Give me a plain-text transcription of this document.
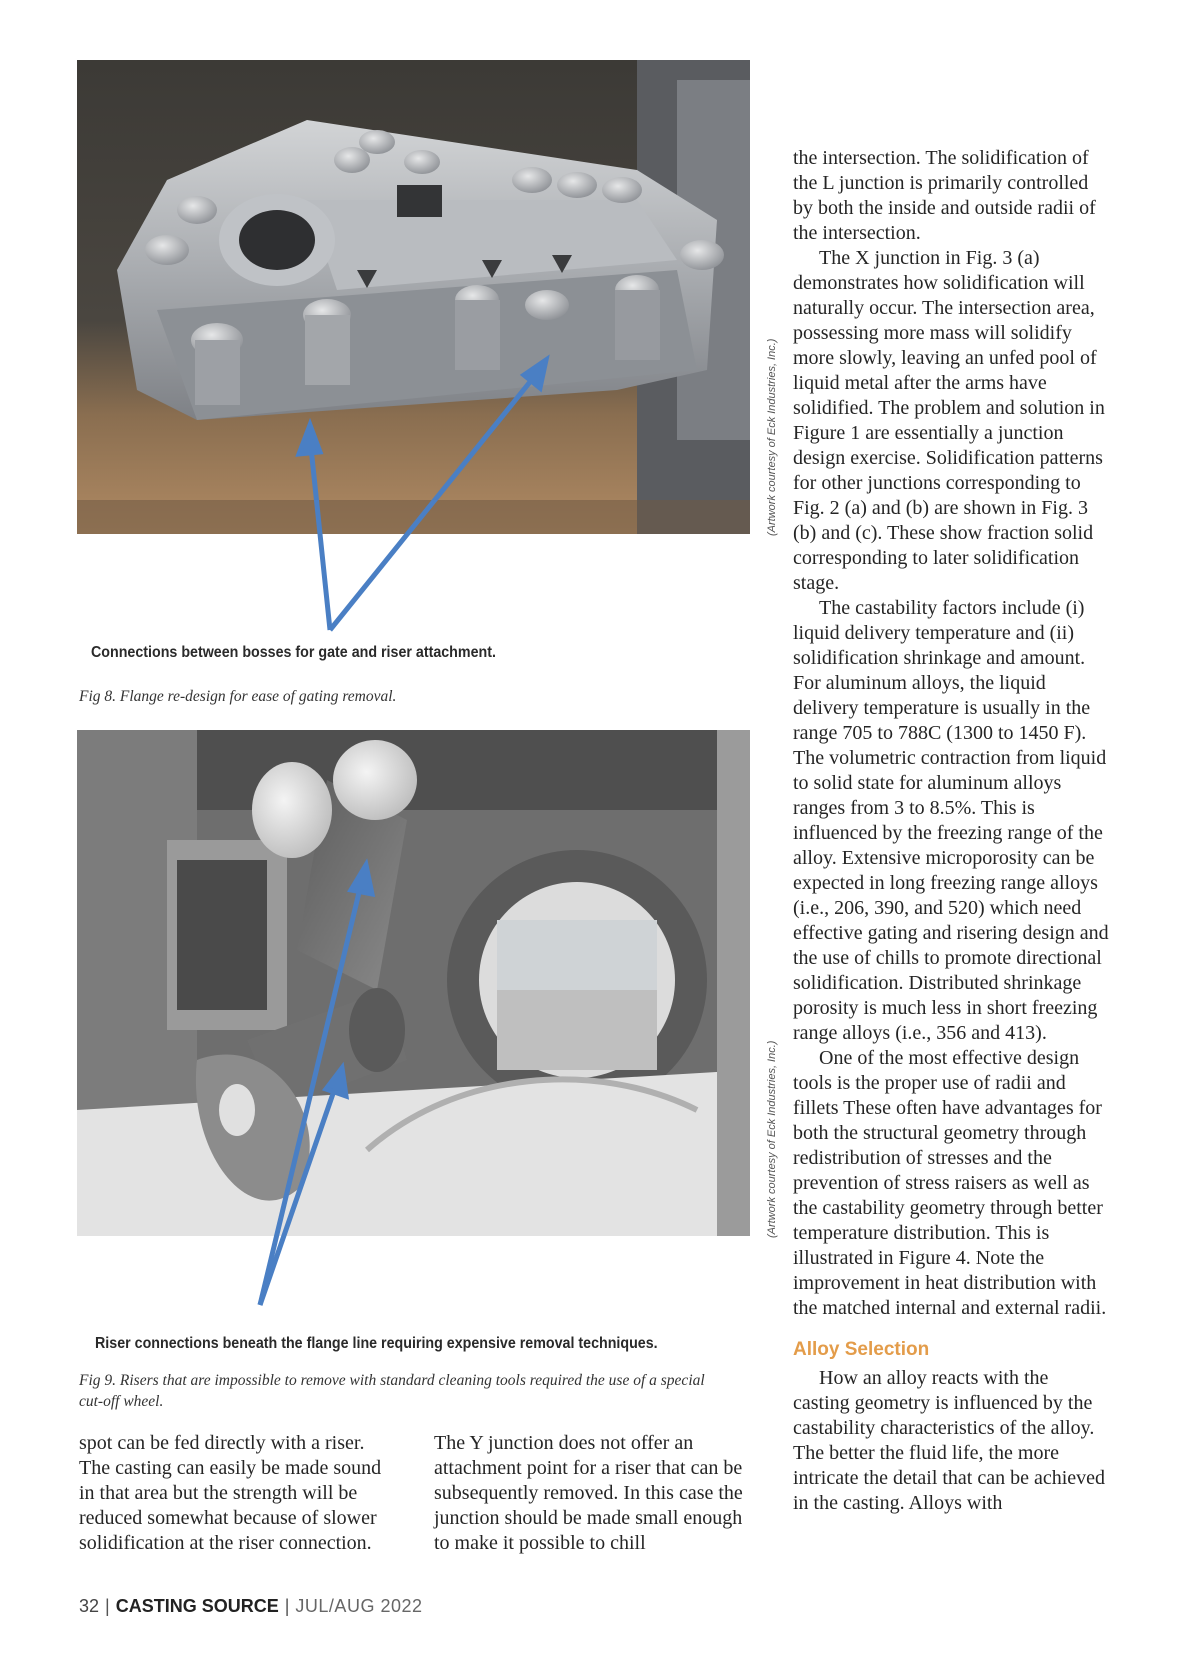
Connections between bosses for gate and riser attachment.
Fig 8. Flange re-design for ease of gating removal.
(Artwork courtesy of Eck Industries, Inc.)
Riser connections beneath the flange line requiring expensive removal techniques.
Fig 9. Risers that are impossible to remove with standard cleaning tools required the use of a special cut-off wheel.
(Artwork courtesy of Eck Industries, Inc.)

the intersection. The solidification of the L junction is primarily controlled by both the inside and outside radii of the intersection.

The X junction in Fig. 3 (a) demonstrates how solidification will naturally occur. The intersection area, possessing more mass will solidify more slowly, leaving an unfed pool of liquid metal after the arms have solidified. The problem and solution in Figure 1 are essentially a junction design exercise. Solidification patterns for other junctions corresponding to Fig. 2 (a) and (b) are shown in Fig. 3 (b) and (c). These show fraction solid corresponding to later solidification stage.

The castability factors include (i) liquid delivery temperature and (ii) solidification shrinkage and amount. For aluminum alloys, the liquid delivery temperature is usually in the range 705 to 788C (1300 to 1450 F). The volumetric contraction from liquid to solid state for aluminum alloys ranges from 3 to 8.5%. This is influenced by the freezing range of the alloy. Extensive microporosity can be expected in long freezing range alloys (i.e., 206, 390, and 520) which need effective gating and risering design and the use of chills to promote directional solidification. Distributed shrinkage porosity is much less in short freezing range alloys (i.e., 356 and 413).

One of the most effective design tools is the proper use of radii and fillets These often have advantages for both the structural geometry through redistribution of stresses and the prevention of stress raisers as well as the castability geometry through better temperature distribution. This is illustrated in Figure 4. Note the improvement in heat distribution with the matched internal and external radii.

Alloy Selection

How an alloy reacts with the casting geometry is influenced by the castability characteristics of the alloy. The better the fluid life, the more intricate the detail that can be achieved in the casting. Alloys with

spot can be fed directly with a riser. The casting can easily be made sound in that area but the strength will be reduced somewhat because of slower solidification at the riser connection.
The Y junction does not offer an attachment point for a riser that can be subsequently removed. In this case the junction should be made small enough to make it possible to chill
32 | CASTING SOURCE | JUL/AUG 2022
